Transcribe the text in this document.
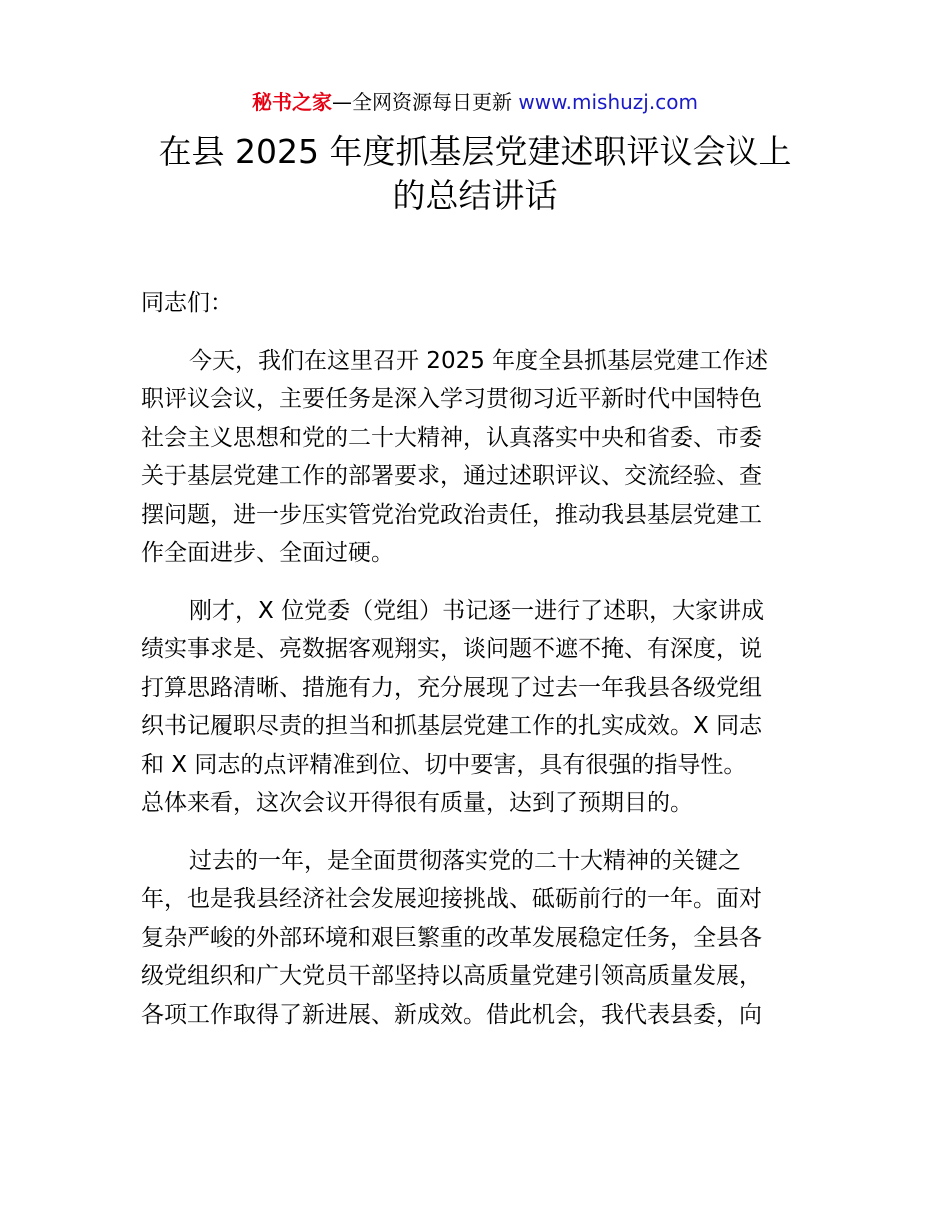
秘书之家—全网资源每日更新 www.mishuzj.com
在县 2025 年度抓基层党建述职评议会议上
的总结讲话

同志们：

今天，我们在这里召开 2025 年度全县抓基层党建工作述
职评议会议，主要任务是深入学习贯彻习近平新时代中国特色
社会主义思想和党的二十大精神，认真落实中央和省委、市委
关于基层党建工作的部署要求，通过述职评议、交流经验、查
摆问题，进一步压实管党治党政治责任，推动我县基层党建工
作全面进步、全面过硬。

刚才，X 位党委（党组）书记逐一进行了述职，大家讲成
绩实事求是、亮数据客观翔实，谈问题不遮不掩、有深度，说
打算思路清晰、措施有力，充分展现了过去一年我县各级党组
织书记履职尽责的担当和抓基层党建工作的扎实成效。X 同志
和 X 同志的点评精准到位、切中要害，具有很强的指导性。
总体来看，这次会议开得很有质量，达到了预期目的。

过去的一年，是全面贯彻落实党的二十大精神的关键之
年，也是我县经济社会发展迎接挑战、砥砺前行的一年。面对
复杂严峻的外部环境和艰巨繁重的改革发展稳定任务，全县各
级党组织和广大党员干部坚持以高质量党建引领高质量发展，
各项工作取得了新进展、新成效。借此机会，我代表县委，向
